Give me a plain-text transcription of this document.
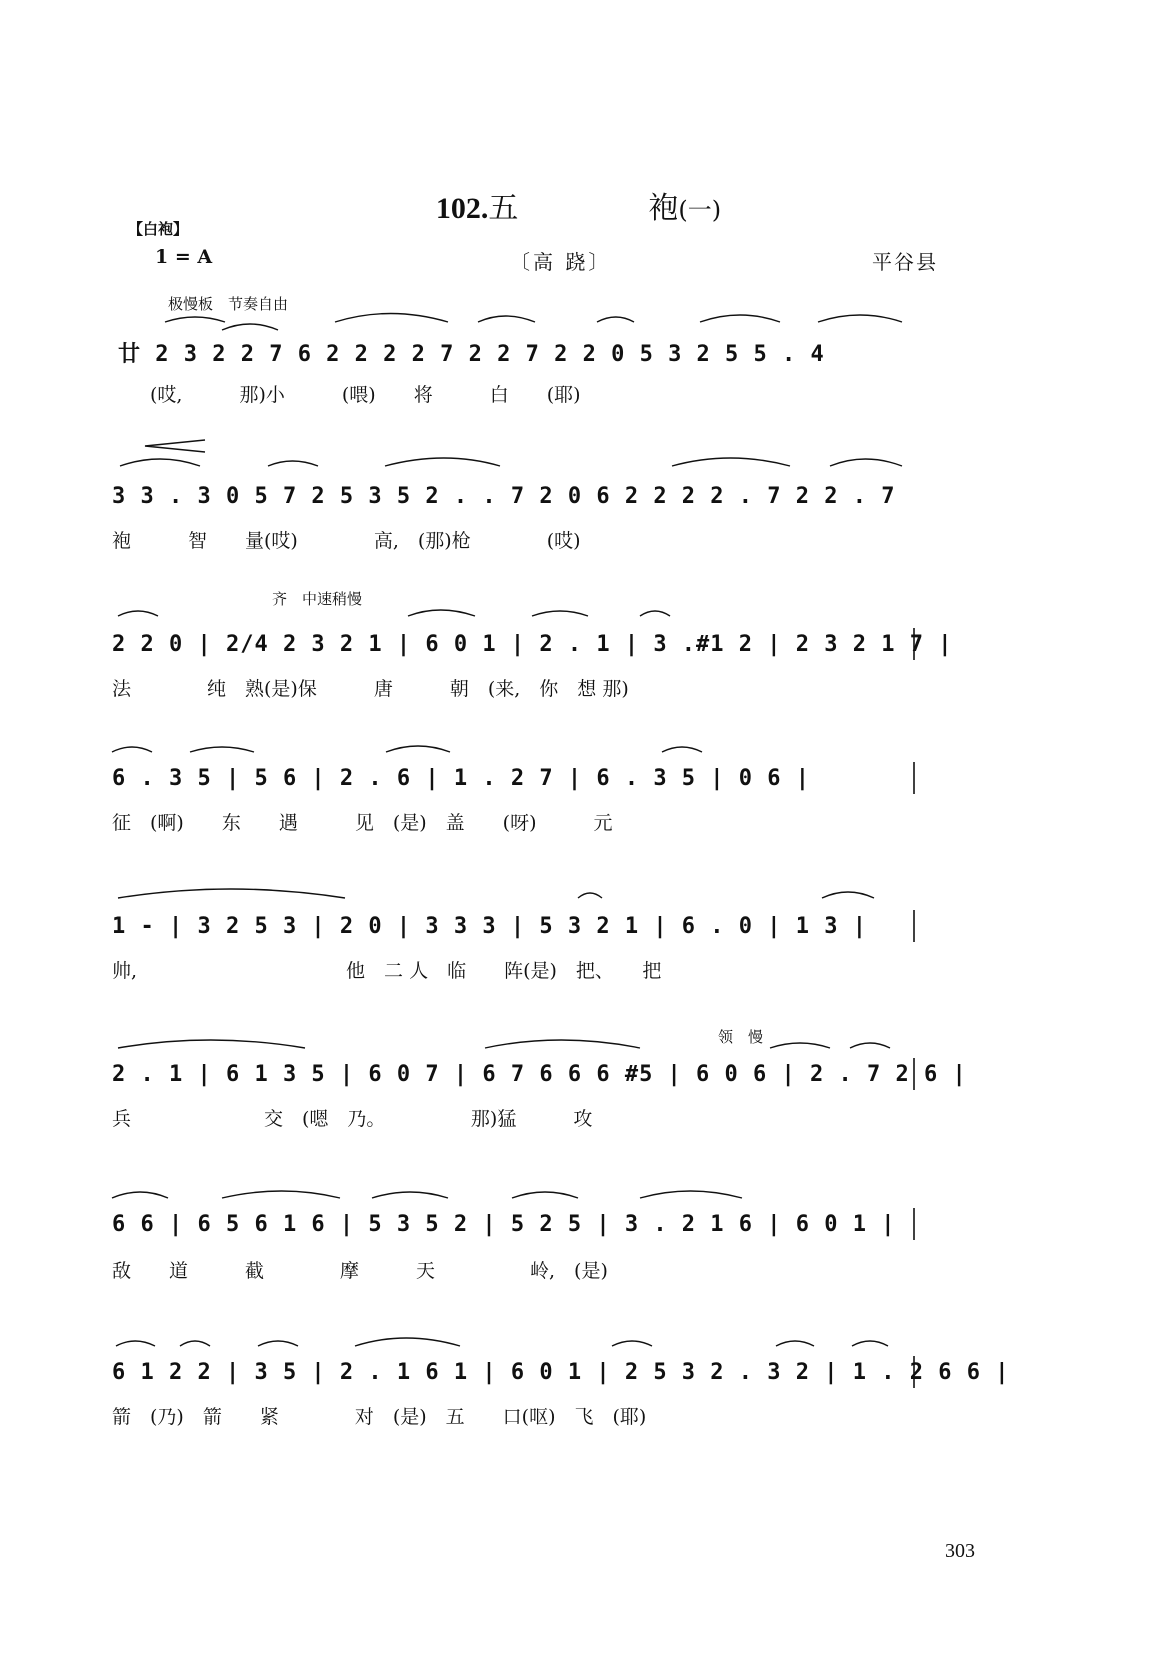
102.五	袍(一)
【白袍】
1 = A	〔高 跷〕	平谷县
极慢板　节奏自由
齐　中速稍慢
领　慢
廿 2 3 2 2 7 6 2 2 2 2 7 2 2 7 2 2 0 5 3 2 5 5 . 4
(哎,　　　那)小　　　(喂)　　将　　　白　　(耶)
3 3 . 3 0 5 7 2 5 3 5 2 . . 7 2 0 6 2 2 2 2 . 7 2 2 . 7
袍　　　智　　量(哎)　　　　高,　(那)枪　　　　(哎)
2 2 0 | 2/4 2 3 2 1 | 6 0 1 | 2 . 1 | 3 .#1 2 | 2 3 2 1 7 |
法　　　　纯　熟(是)保　　　唐　　　朝　(来,　你　想 那)
6 . 3 5 | 5 6 | 2 . 6 | 1 . 2 7 | 6 . 3 5 | 0 6 |
征　(啊)　　东　　遇　　　见　(是)　盖　　(呀)　　　元
1 - | 3 2 5 3 | 2 0 | 3 3 3 | 5 3 2 1 | 6 . 0 | 1 3 |
帅,　　　　　　　　　　　他　二 人　临　　阵(是)　把、　　把
2 . 1 | 6 1 3 5 | 6 0 7 | 6 7 6 6 6 #5 | 6 0 6 | 2 . 7 2 6 |
兵　　　　　　　交　(嗯　乃。　　　　　那)猛　　　攻
6 6 | 6 5 6 1 6 | 5 3 5 2 | 5 2 5 | 3 . 2 1 6 | 6 0 1 |
敌　　道　　　截　　　　摩　　　天　　　　　岭,　(是)
6 1 2 2 | 3 5 | 2 . 1 6 1 | 6 0 1 | 2 5 3 2 . 3 2 | 1 . 2 6 6 |
箭　(乃)　箭　　紧　　　　对　(是)　五　　口(呕)　飞　(耶)
303
